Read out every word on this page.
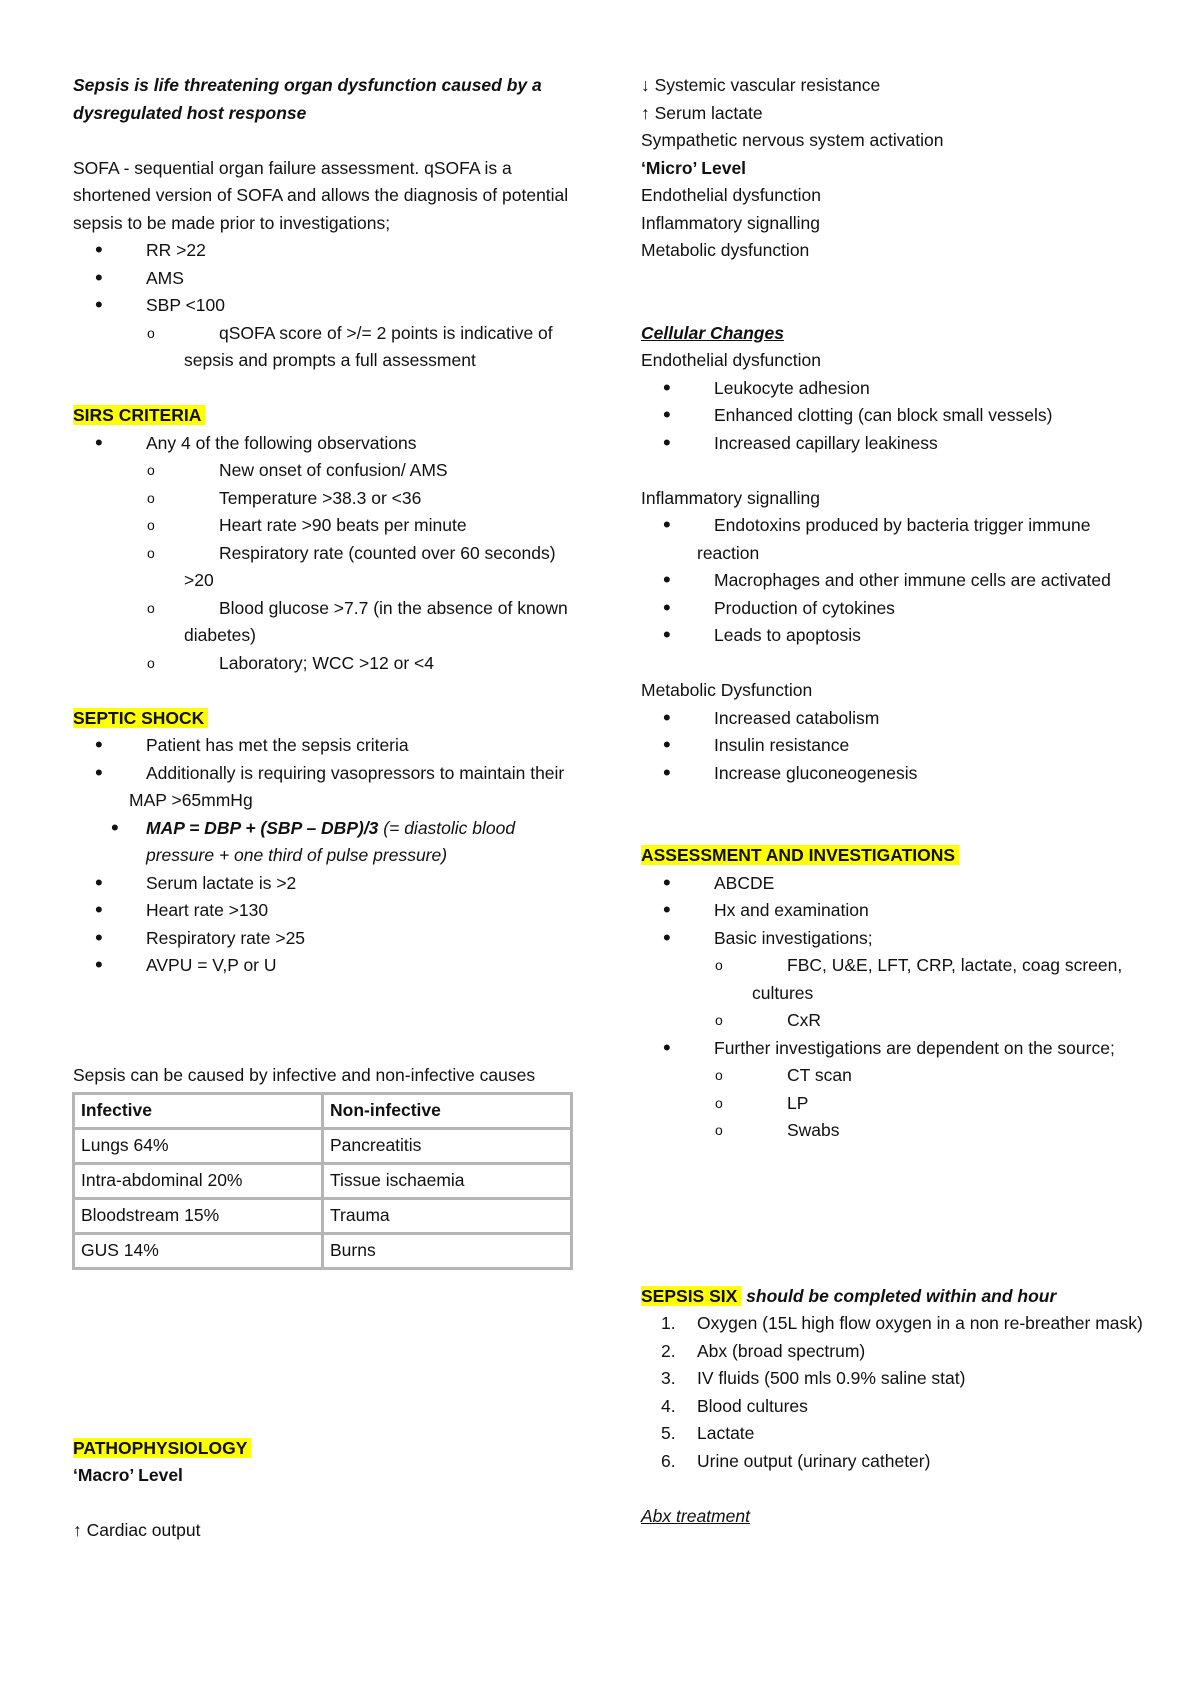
Sepsis is life threatening organ dysfunction caused by a dysregulated host response

SOFA - sequential organ failure assessment. qSOFA is a shortened version of SOFA and allows the diagnosis of potential sepsis to be made prior to investigations;

• RR >22
• AMS
• SBP <100
o	qSOFA score of >/= 2 points is indicative of sepsis and prompts a full assessment

SIRS CRITERIA

• Any 4 of the following observations
o	New onset of confusion/ AMS
o	Temperature >38.3 or <36
o	Heart rate >90 beats per minute
o	Respiratory rate (counted over 60 seconds) >20
o	Blood glucose >7.7 (in the absence of known diabetes)
o	Laboratory; WCC >12 or <4

SEPTIC SHOCK

• Patient has met the sepsis criteria
• Additionally is requiring vasopressors to maintain their MAP >65mmHg
• MAP = DBP + (SBP – DBP)/3 (= diastolic blood pressure + one third of pulse pressure)
• Serum lactate is >2
• Heart rate >130
• Respiratory rate >25
• AVPU = V,P or U

Sepsis can be caused by infective and non-infective causes

Infective	Non-infective
Lungs 64%	Pancreatitis
Intra-abdominal 20%	Tissue ischaemia
Bloodstream 15%	Trauma
GUS 14%	Burns

PATHOPHYSIOLOGY

‘Macro’ Level

↑ Cardiac output

↓ Systemic vascular resistance

↑ Serum lactate

Sympathetic nervous system activation

‘Micro’ Level

Endothelial dysfunction

Inflammatory signalling

Metabolic dysfunction

Cellular Changes

Endothelial dysfunction

• Leukocyte adhesion
• Enhanced clotting (can block small vessels)
• Increased capillary leakiness

Inflammatory signalling

• Endotoxins produced by bacteria trigger immune reaction
• Macrophages and other immune cells are activated
• Production of cytokines
• Leads to apoptosis

Metabolic Dysfunction

• Increased catabolism
• Insulin resistance
• Increase gluconeogenesis

ASSESSMENT AND INVESTIGATIONS

• ABCDE
• Hx and examination
• Basic investigations;
o	FBC, U&E, LFT, CRP, lactate, coag screen, cultures
o	CxR
• Further investigations are dependent on the source;
o	CT scan
o	LP
o	Swabs

SEPSIS SIX should be completed within and hour

1. Oxygen (15L high flow oxygen in a non re-breather mask)
2. Abx (broad spectrum)
3. IV fluids (500 mls 0.9% saline stat)
4. Blood cultures
5. Lactate
6. Urine output (urinary catheter)

Abx treatment
